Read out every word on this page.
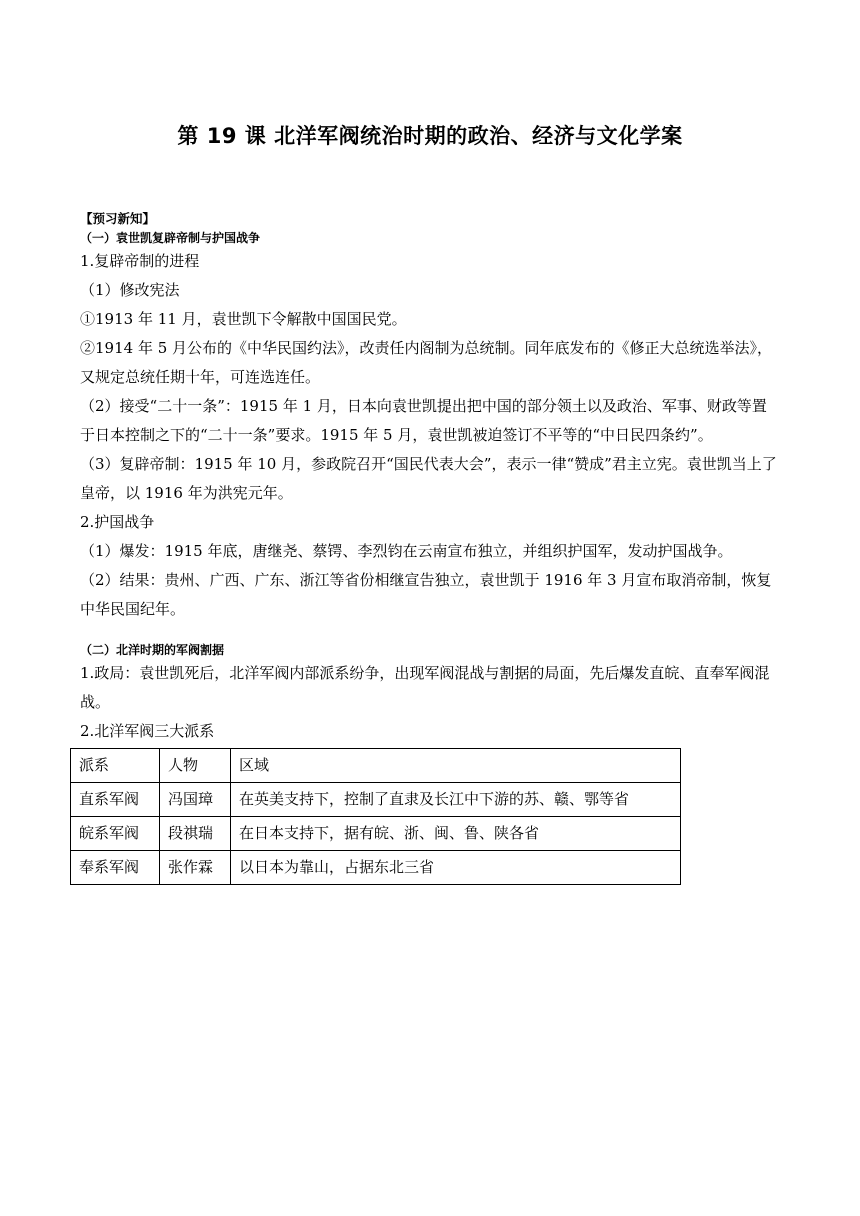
第 19 课 北洋军阀统治时期的政治、经济与文化学案
【预习新知】
（一）袁世凯复辟帝制与护国战争
1.复辟帝制的进程
（1）修改宪法
①1913 年 11 月，袁世凯下令解散中国国民党。
②1914 年 5 月公布的《中华民国约法》，改责任内阁制为总统制。同年底发布的《修正大总统选举法》，又规定总统任期十年，可连选连任。
（2）接受“二十一条”：1915 年 1 月，日本向袁世凯提出把中国的部分领土以及政治、军事、财政等置于日本控制之下的“二十一条”要求。1915 年 5 月，袁世凯被迫签订不平等的“中日民四条约”。
（3）复辟帝制：1915 年 10 月，参政院召开“国民代表大会”，表示一律“赞成”君主立宪。袁世凯当上了皇帝，以 1916 年为洪宪元年。
2.护国战争
（1）爆发：1915 年底，唐继尧、蔡锷、李烈钧在云南宣布独立，并组织护国军，发动护国战争。
（2）结果：贵州、广西、广东、浙江等省份相继宣告独立，袁世凯于 1916 年 3 月宣布取消帝制，恢复中华民国纪年。
（二）北洋时期的军阀割据
1.政局：袁世凯死后，北洋军阀内部派系纷争，出现军阀混战与割据的局面，先后爆发直皖、直奉军阀混战。
2.北洋军阀三大派系
派系	人物	区域
直系军阀	冯国璋	在英美支持下，控制了直隶及长江中下游的苏、赣、鄂等省
皖系军阀	段祺瑞	在日本支持下，据有皖、浙、闽、鲁、陕各省
奉系军阀	张作霖	以日本为靠山，占据东北三省
